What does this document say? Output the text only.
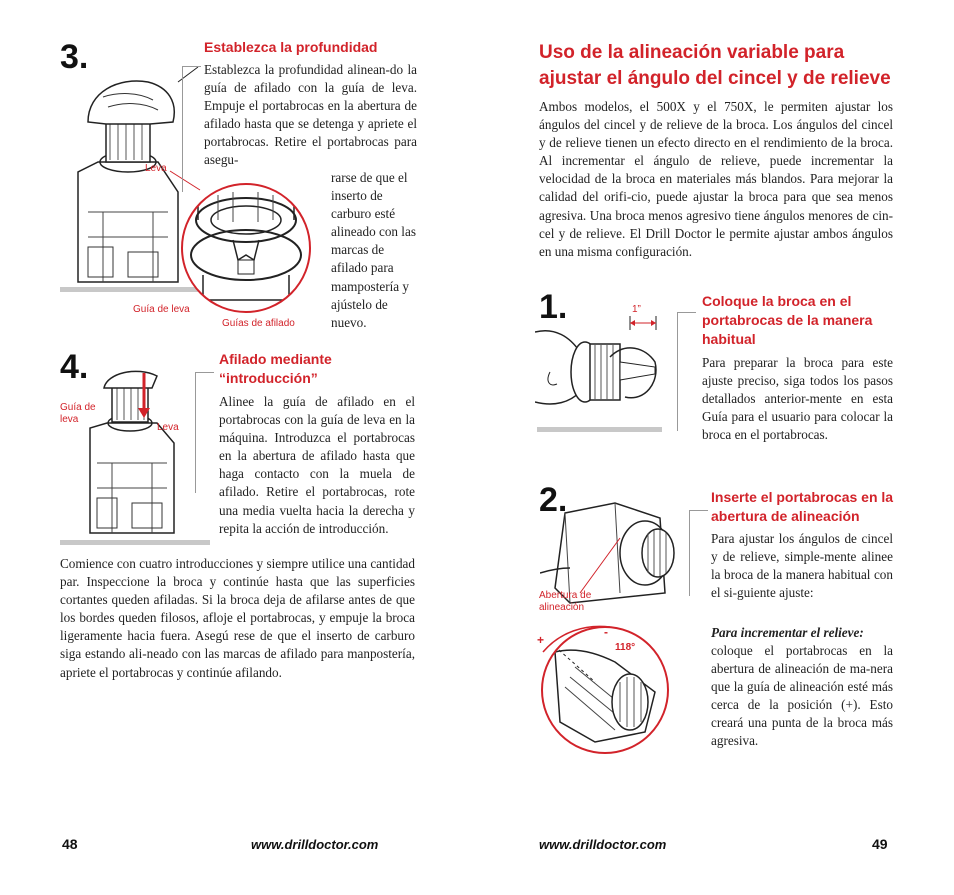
3.
Leva
Guía de leva
Guías de afilado
Establezca la profundidad
Establezca la profundidad alinean-do la guía de afilado con la guía de leva. Empuje el portabrocas en la abertura de afilado hasta que se detenga y apriete el portabrocas. Retire el portabrocas para asegu-
rarse de que el inserto de carburo esté alineado con las marcas de afilado para mampostería y ajústelo de nuevo.
4.
Guía de leva
Leva
Afilado mediante “introducción”
Alinee la guía de afilado en el portabrocas con la guía de leva en la máquina. Introduzca el portabrocas en la abertura de afilado hasta que haga contacto con la muela de afilado. Retire el portabrocas, rote una media vuelta hacia la derecha y repita la acción de introducción.
Comience con cuatro introducciones y siempre utilice una cantidad par. Inspeccione la broca y continúe hasta que las superficies cortantes queden afiladas. Si la broca deja de afilarse antes de que los bordes queden filosos, afloje el portabrocas, y empuje la broca ligeramente hacia fuera. Asegú rese de que el inserto de carburo siga estando ali-neado con las marcas de afilado para manpostería, apriete el portabrocas y continúe afilando.
48	www.drilldoctor.com
Uso de la alineación variable para ajustar el ángulo del cincel y de relieve
Ambos modelos, el 500X y el 750X, le permiten ajustar los ángulos del cincel y de relieve de la broca. Los ángulos del cincel y de relieve tienen un efecto directo en el rendimiento de la broca. Al incrementar el ángulo de relieve, puede incrementar la velocidad de la broca en materiales más blandos. Para mejorar la calidad del orifi-cio, puede ajustar la broca para que sea menos agresiva. Una broca menos agresivo tiene ángulos menores de cin-cel y de relieve. El Drill Doctor le permite ajustar ambos ángulos en una misma configuración.
1.	1”
Coloque la broca en el portabrocas de la manera habitual
Para preparar la broca para este ajuste preciso, siga todos los pasos detallados anterior-mente en esta Guía para el usuario para colocar la broca en el portabrocas.
2.
Abertura de alineación
+
-
118°
Inserte el portabrocas en la abertura de alineación
Para ajustar los ángulos de cincel y de relieve, simple-mente alinee la broca de la manera habitual con el si-guiente ajuste:
Para incrementar el relieve:
coloque el portabrocas en la abertura de alineación de ma-nera que la guía de alineación esté más cerca de la posición (+). Esto creará una punta de la broca más agresiva.
www.drilldoctor.com	49
